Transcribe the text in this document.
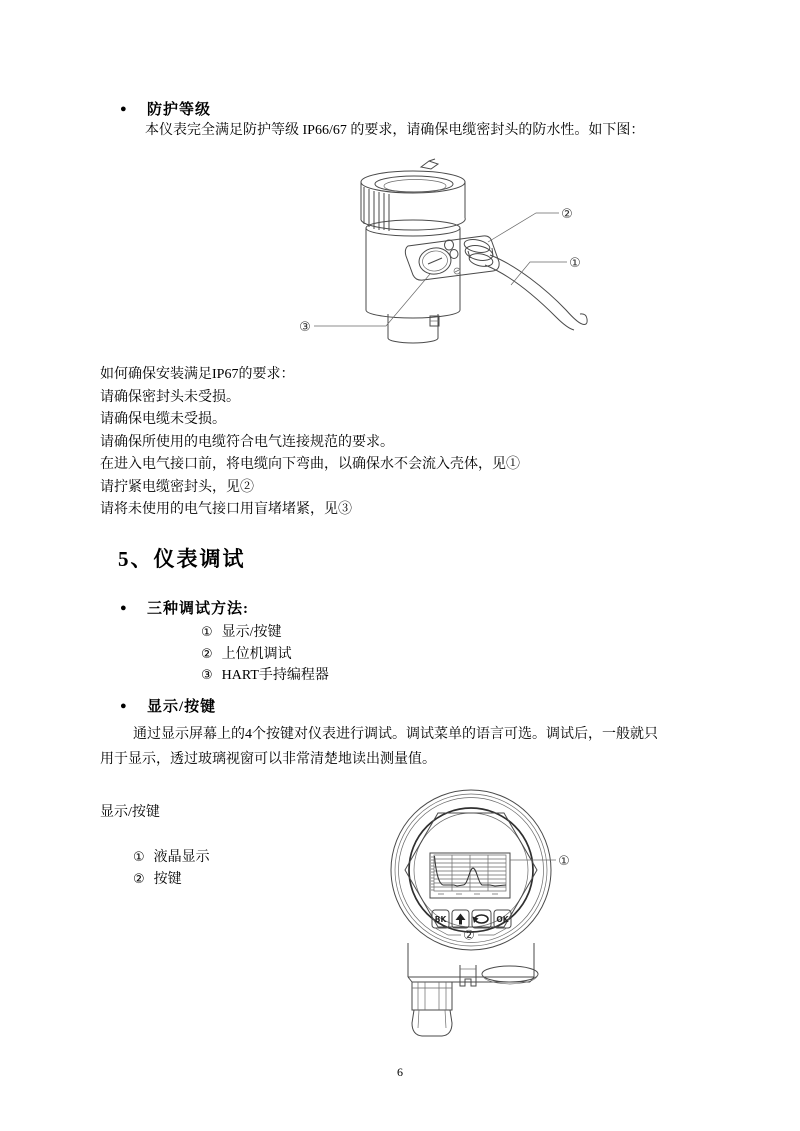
●	防护等级
本仪表完全满足防护等级 IP66/67 的要求，请确保电缆密封头的防水性。如下图：
②
①
③
如何确保安装满足IP67的要求：
请确保密封头未受损。
请确保电缆未受损。
请确保所使用的电缆符合电气连接规范的要求。
在进入电气接口前，将电缆向下弯曲，以确保水不会流入壳体，见①
请拧紧电缆密封头，见②
请将未使用的电气接口用盲堵堵紧，见③
5、仪表调试
●	三种调试方法:
① 显示/按键
② 上位机调试
③ HART手持编程器
●	显示/按键
通过显示屏幕上的4个按键对仪表进行调试。调试菜单的语言可选。调试后，一般就只
用于显示，透过玻璃视窗可以非常清楚地读出测量值。
显示/按键
① 液晶显示
② 按键
①
BK	OK
②
6
